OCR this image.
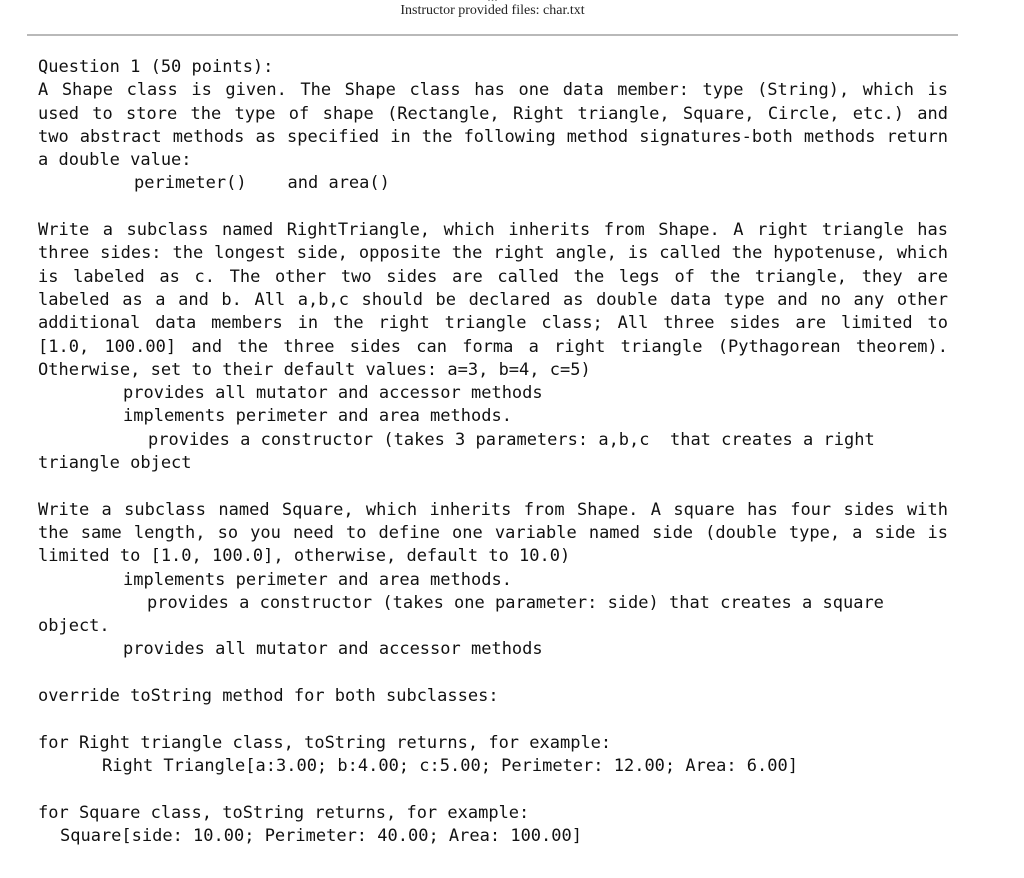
Instructor provided files: char.txt

Question 1 (50 points):

A Shape class is given. The Shape class has one data member: type (String), which is used to store the type of shape (Rectangle, Right triangle, Square, Circle, etc.) and two abstract methods as specified in the following method signatures-both methods return a double value:

perimeter()    and area()

Write a subclass named RightTriangle, which inherits from Shape. A right triangle has three sides: the longest side, opposite the right angle, is called the hypotenuse, which is labeled as c. The other two sides are called the legs of the triangle, they are labeled as a and b. All a,b,c should be declared as double data type and no any other additional data members in the right triangle class; All three sides are limited to [1.0, 100.00] and the three sides can forma a right triangle (Pythagorean theorem). Otherwise, set to their default values: a=3, b=4, c=5)

provides all mutator and accessor methods

implements perimeter and area methods.

provides a constructor (takes 3 parameters: a,b,c  that creates a right

triangle object

Write a subclass named Square, which inherits from Shape. A square has four sides with the same length, so you need to define one variable named side (double type, a side is limited to [1.0, 100.0], otherwise, default to 10.0)

implements perimeter and area methods.

provides a constructor (takes one parameter: side) that creates a square

object.

provides all mutator and accessor methods

override toString method for both subclasses:

for Right triangle class, toString returns, for example:

Right Triangle[a:3.00; b:4.00; c:5.00; Perimeter: 12.00; Area: 6.00]

for Square class, toString returns, for example:

Square[side: 10.00; Perimeter: 40.00; Area: 100.00]
